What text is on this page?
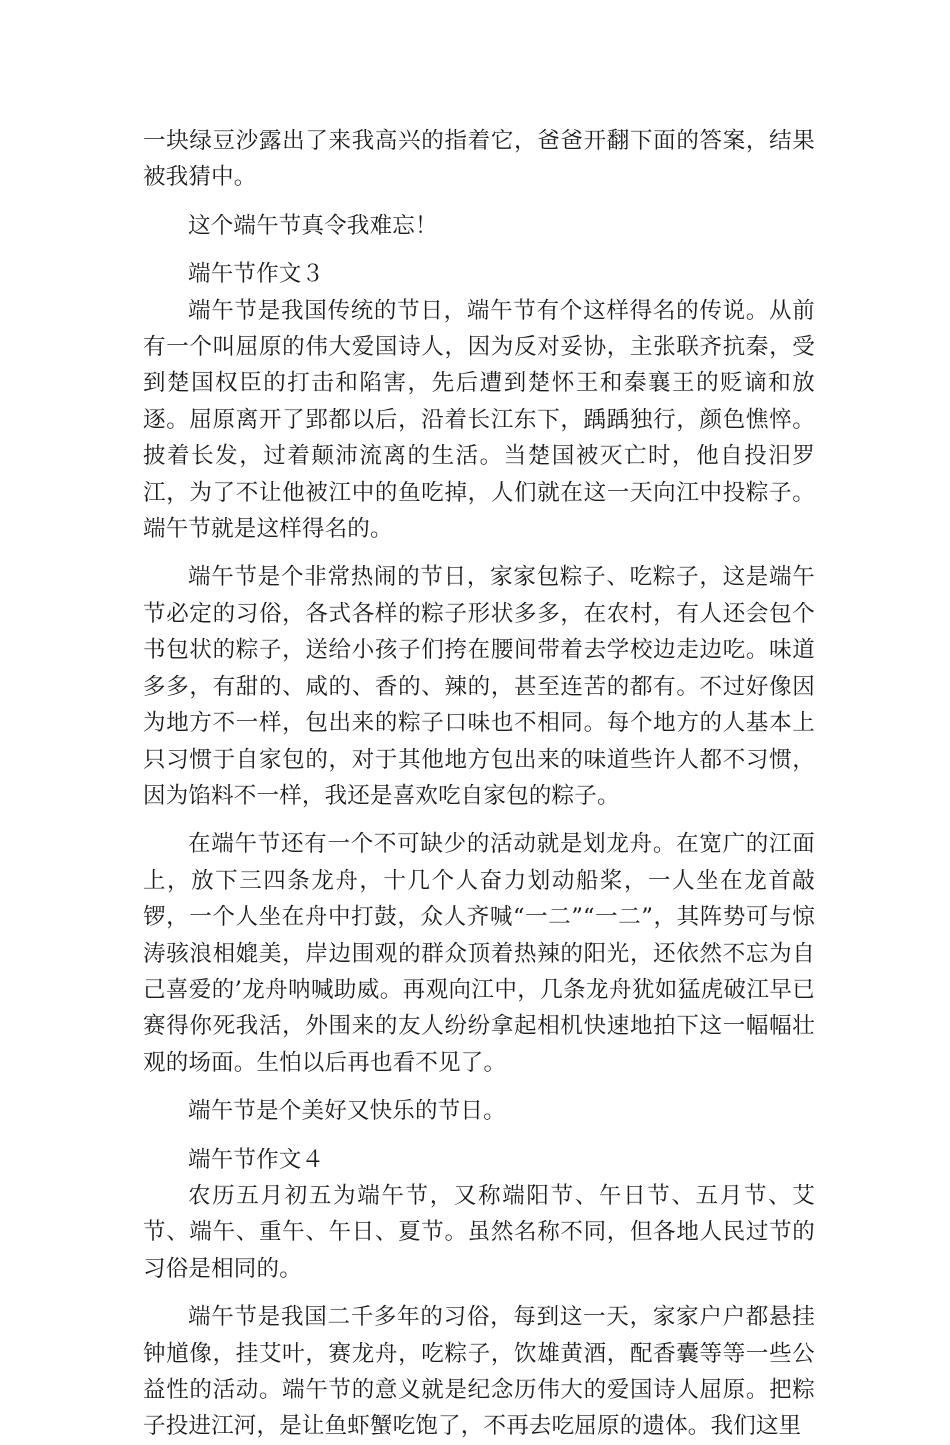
一块绿豆沙露出了来我高兴的指着它，爸爸开翻下面的答案，结果被我猜中。

这个端午节真令我难忘！

端午节作文３

端午节是我国传统的节日，端午节有个这样得名的传说。从前有一个叫屈原的伟大爱国诗人，因为反对妥协，主张联齐抗秦，受到楚国权臣的打击和陷害，先后遭到楚怀王和秦襄王的贬谪和放逐。屈原离开了郢都以后，沿着长江东下，踽踽独行，颜色憔悴。披着长发，过着颠沛流离的生活。当楚国被灭亡时，他自投汨罗江，为了不让他被江中的鱼吃掉，人们就在这一天向江中投粽子。端午节就是这样得名的。

端午节是个非常热闹的节日，家家包粽子、吃粽子，这是端午节必定的习俗，各式各样的粽子形状多多，在农村，有人还会包个书包状的粽子，送给小孩子们挎在腰间带着去学校边走边吃。味道多多，有甜的、咸的、香的、辣的，甚至连苦的都有。不过好像因为地方不一样，包出来的粽子口味也不相同。每个地方的人基本上只习惯于自家包的，对于其他地方包出来的味道些许人都不习惯，因为馅料不一样，我还是喜欢吃自家包的粽子。

在端午节还有一个不可缺少的活动就是划龙舟。在宽广的江面上，放下三四条龙舟，十几个人奋力划动船桨，一人坐在龙首敲锣，一个人坐在舟中打鼓，众人齐喊“一二”“一二”，其阵势可与惊涛骇浪相媲美，岸边围观的群众顶着热辣的阳光，还依然不忘为自己喜爱的’龙舟呐喊助威。再观向江中，几条龙舟犹如猛虎破江早已赛得你死我活，外围来的友人纷纷拿起相机快速地拍下这一幅幅壮观的场面。生怕以后再也看不见了。

端午节是个美好又快乐的节日。

端午节作文４

农历五月初五为端午节，又称端阳节、午日节、五月节、艾节、端午、重午、午日、夏节。虽然名称不同，但各地人民过节的习俗是相同的。

端午节是我国二千多年的习俗，每到这一天，家家户户都悬挂钟馗像，挂艾叶，赛龙舟，吃粽子，饮雄黄酒，配香囊等等一些公益性的活动。端午节的意义就是纪念历伟大的爱国诗人屈原。把粽子投进江河，是让鱼虾蟹吃饱了，不再去吃屈原的遗体。我们这里
